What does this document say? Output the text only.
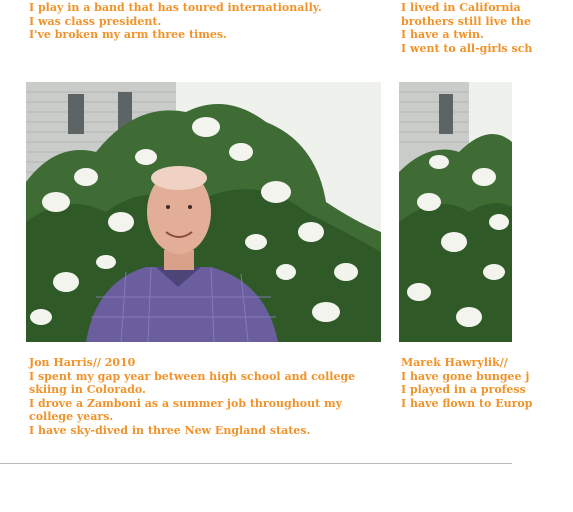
I play in a band that has toured internationally.
I was class president.
I've broken my arm three times.
Jon Harris// 2010
I spent my gap year between high school and college skiing in Colorado.
I drove a Zamboni as a summer job throughout my college years.
I have sky-dived in three New England states.
I lived in California
brothers still live the
I have a twin.
I went to all-girls sch
Marek Hawrylik//
I have gone bungee j
I played in a profess
I have flown to Europ
